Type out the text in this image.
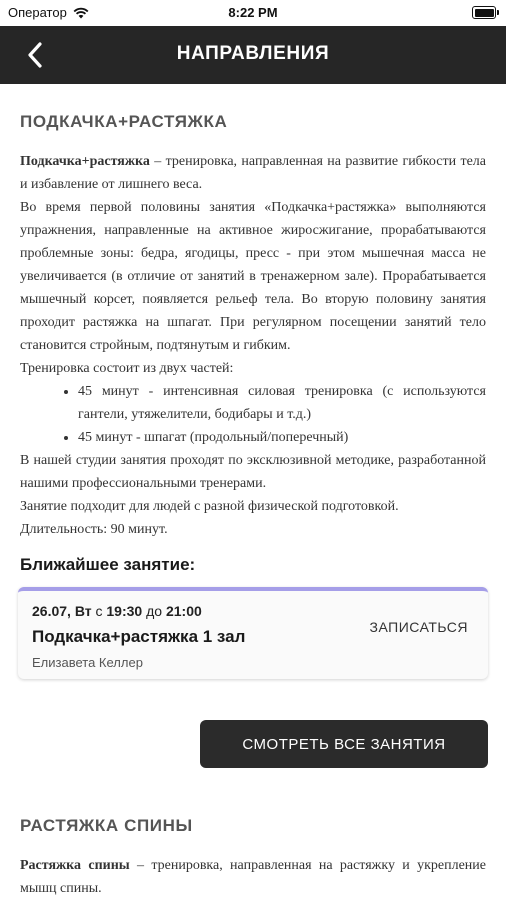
Оператор	8:22 PM
НАПРАВЛЕНИЯ
ПОДКАЧКА+РАСТЯЖКА

Подкачка+растяжка – тренировка, направленная на развитие гибкости тела и избавление от лишнего веса.

Во время первой половины занятия «Подкачка+растяжка» выполняются упражнения, направленные на активное жиросжигание, прорабатываются проблемные зоны: бедра, ягодицы, пресс - при этом мышечная масса не увеличивается (в отличие от занятий в тренажерном зале). Прорабатывается мышечный корсет, появляется рельеф тела. Во вторую половину занятия проходит растяжка на шпагат. При регулярном посещении занятий тело становится стройным, подтянутым и гибким.

Тренировка состоит из двух частей:

• 45 минут - интенсивная силовая тренировка (с используются гантели, утяжелители, бодибары и т.д.)
• 45 минут - шпагат (продольный/поперечный)

В нашей студии занятия проходят по эксклюзивной методике, разработанной нашими профессиональными тренерами.

Занятие подходит для людей с разной физической подготовкой.

Длительность: 90 минут.

Ближайшее занятие:
26.07, Вт с 19:30 до 21:00
Подкачка+растяжка 1 зал
Елизавета Келлер
ЗАПИСАТЬСЯ
СМОТРЕТЬ ВСЕ ЗАНЯТИЯ
РАСТЯЖКА СПИНЫ

Растяжка спины – тренировка, направленная на растяжку и укрепление мышц спины.
